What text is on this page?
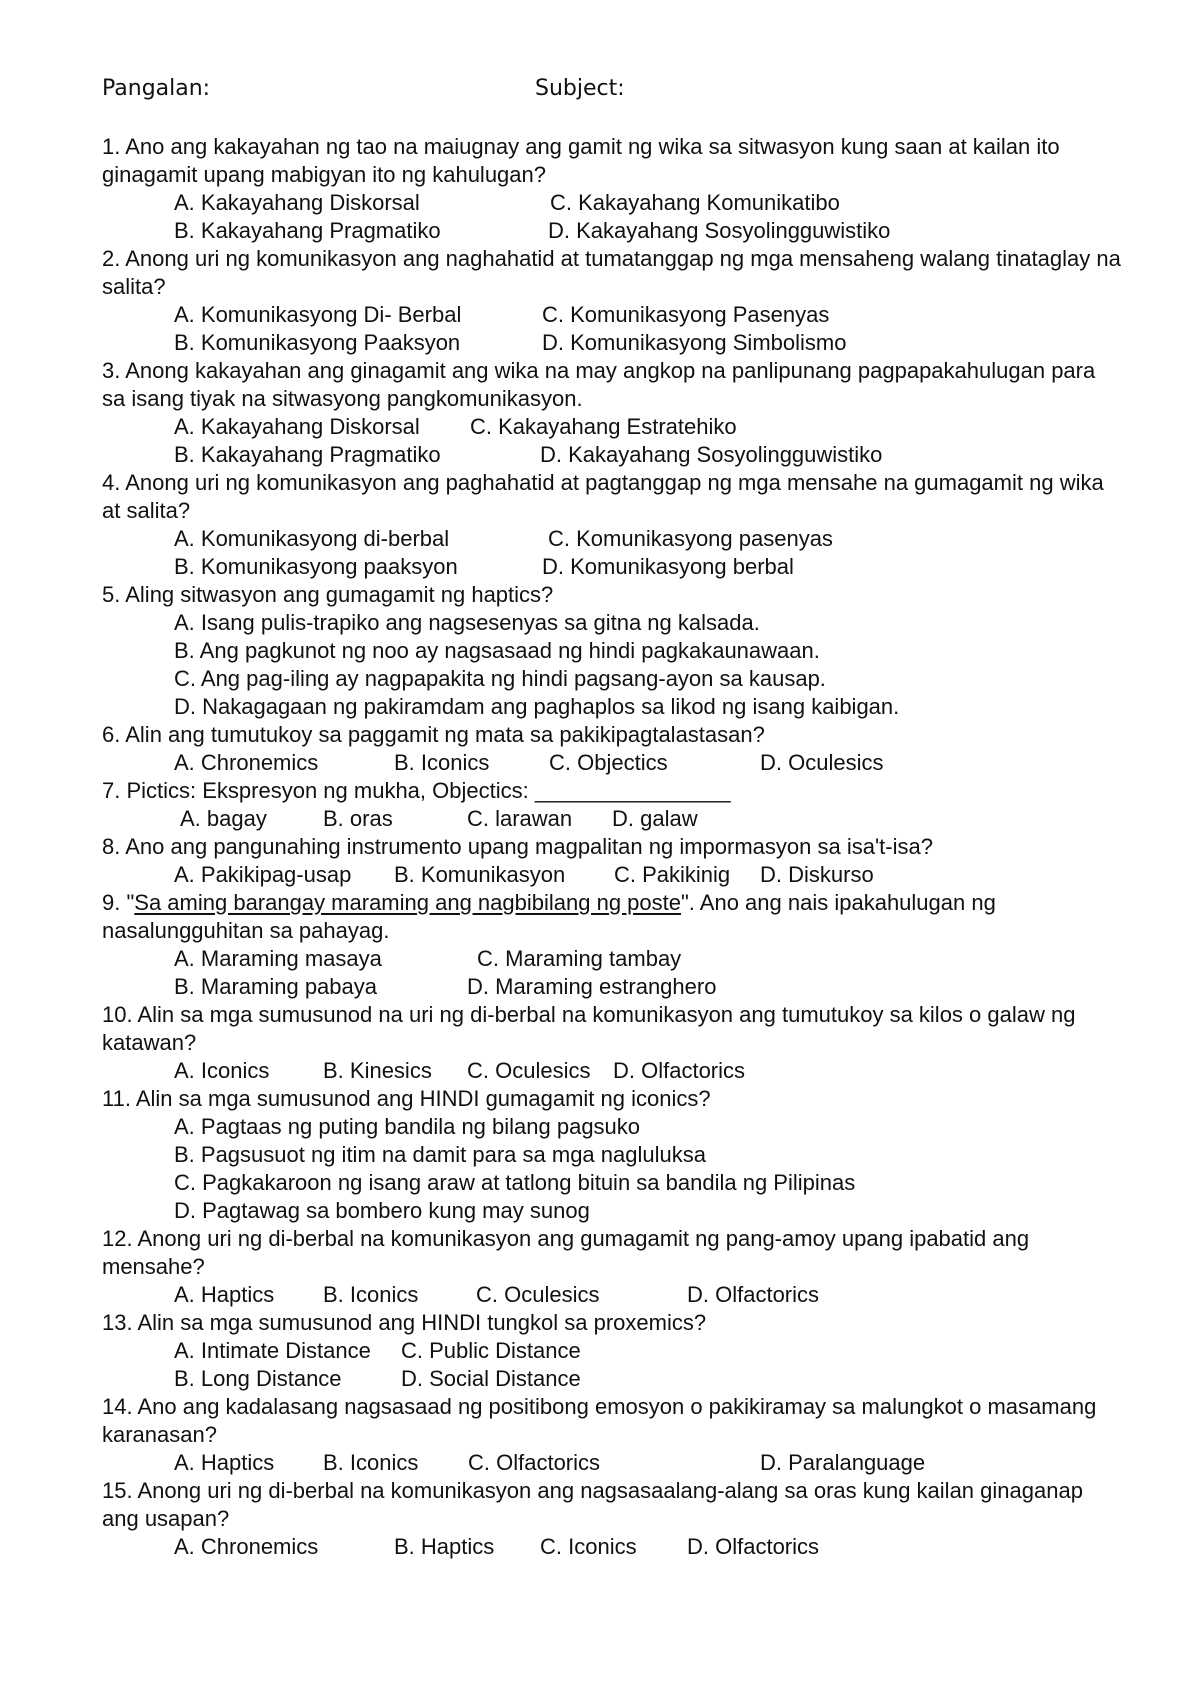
Pangalan:	Subject:

1. Ano ang kakayahan ng tao na maiugnay ang gamit ng wika sa sitwasyon kung saan at kailan ito ginagamit upang mabigyan ito ng kahulugan?

A. Kakayahang Diskorsal	C. Kakayahang Komunikatibo
B. Kakayahang Pragmatiko	D. Kakayahang Sosyolingguwistiko

2. Anong uri ng komunikasyon ang naghahatid at tumatanggap ng mga mensaheng walang tinataglay na salita?

A. Komunikasyong Di- Berbal	C. Komunikasyong Pasenyas
B. Komunikasyong Paaksyon	D. Komunikasyong Simbolismo

3. Anong kakayahan ang ginagamit ang wika na may angkop na panlipunang pagpapakahulugan para sa isang tiyak na sitwasyong pangkomunikasyon.

A. Kakayahang Diskorsal C. Kakayahang Estratehiko
B. Kakayahang Pragmatiko	D. Kakayahang Sosyolingguwistiko

4. Anong uri ng komunikasyon ang paghahatid at pagtanggap ng mga mensahe na gumagamit ng wika at salita?

A. Komunikasyong di-berbal	C. Komunikasyong pasenyas
B. Komunikasyong paaksyon	D. Komunikasyong berbal

5. Aling sitwasyon ang gumagamit ng haptics?

A. Isang pulis-trapiko ang nagsesenyas sa gitna ng kalsada.
B. Ang pagkunot ng noo ay nagsasaad ng hindi pagkakaunawaan.
C. Ang pag-iling ay nagpapakita ng hindi pagsang-ayon sa kausap.
D. Nakagagaan ng pakiramdam ang paghaplos sa likod ng isang kaibigan.

6. Alin ang tumutukoy sa paggamit ng mata sa pakikipagtalastasan?

A. Chronemics	B. Iconics	C. Objectics	D. Oculesics

7. Pictics: Ekspresyon ng mukha, Objectics: ________________

A. bagay	B. oras	C. larawan D. galaw

8. Ano ang pangunahing instrumento upang magpalitan ng impormasyon sa isa't-isa?

A. Pakikipag-usap B. Komunikasyon C. Pakikinig D. Diskurso

9. "Sa aming barangay maraming ang nagbibilang ng poste". Ano ang nais ipakahulugan ng nasalungguhitan sa pahayag.

A. Maraming masaya	C. Maraming tambay
B. Maraming pabaya	D. Maraming estranghero

10. Alin sa mga sumusunod na uri ng di-berbal na komunikasyon ang tumutukoy sa kilos o galaw ng katawan?

A. Iconics B. Kinesics C. Oculesics D. Olfactorics

11. Alin sa mga sumusunod ang HINDI gumagamit ng iconics?

A. Pagtaas ng puting bandila ng bilang pagsuko
B. Pagsusuot ng itim na damit para sa mga nagluluksa
C. Pagkakaroon ng isang araw at tatlong bituin sa bandila ng Pilipinas
D. Pagtawag sa bombero kung may sunog

12. Anong uri ng di-berbal na komunikasyon ang gumagamit ng pang-amoy upang ipabatid ang mensahe?

A. Haptics B. Iconics	C. Oculesics	D. Olfactorics

13. Alin sa mga sumusunod ang HINDI tungkol sa proxemics?

A. Intimate Distance C. Public Distance
B. Long Distance	D. Social Distance

14. Ano ang kadalasang nagsasaad ng positibong emosyon o pakikiramay sa malungkot o masamang karanasan?

A. Haptics B. Iconics C. Olfactorics	D. Paralanguage

15. Anong uri ng di-berbal na komunikasyon ang nagsasaalang-alang sa oras kung kailan ginaganap ang usapan?

A. Chronemics	B. Haptics C. Iconics D. Olfactorics
